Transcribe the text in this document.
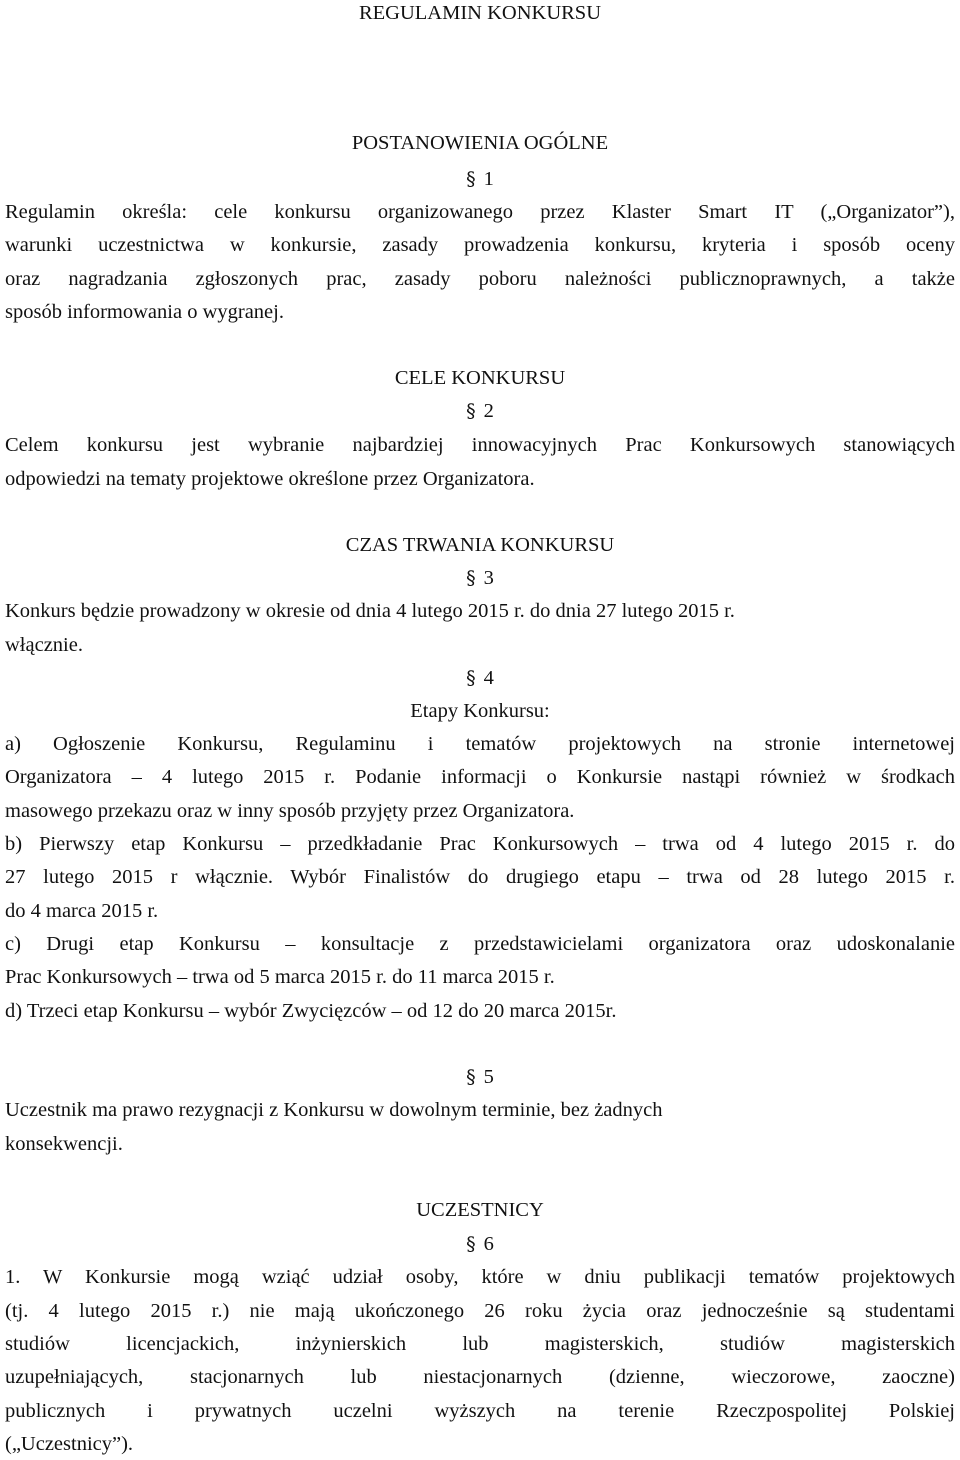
REGULAMIN KONKURSU
POSTANOWIENIA OGÓLNE
§ 1
Regulamin określa: cele konkursu organizowanego przez Klaster Smart IT („Organizator”),
warunki uczestnictwa w konkursie, zasady prowadzenia konkursu, kryteria i sposób oceny
oraz nagradzania zgłoszonych prac, zasady poboru należności publicznoprawnych, a także
sposób informowania o wygranej.
CELE KONKURSU
§ 2
Celem konkursu jest wybranie najbardziej innowacyjnych Prac Konkursowych stanowiących
odpowiedzi na tematy projektowe określone przez Organizatora.
CZAS TRWANIA KONKURSU
§ 3
Konkurs będzie prowadzony w okresie od dnia 4 lutego 2015 r. do dnia 27 lutego 2015 r.
włącznie.
§ 4
Etapy Konkursu:
a) Ogłoszenie Konkursu, Regulaminu i tematów projektowych na stronie internetowej
Organizatora – 4 lutego 2015 r. Podanie informacji o Konkursie nastąpi również w środkach
masowego przekazu oraz w inny sposób przyjęty przez Organizatora.
b) Pierwszy etap Konkursu – przedkładanie Prac Konkursowych – trwa od 4 lutego 2015 r. do
27 lutego 2015 r włącznie. Wybór Finalistów do drugiego etapu – trwa od 28 lutego 2015 r.
do 4 marca 2015 r.
c) Drugi etap Konkursu – konsultacje z przedstawicielami organizatora oraz udoskonalanie
Prac Konkursowych – trwa od 5 marca 2015 r. do 11 marca 2015 r.
d) Trzeci etap Konkursu – wybór Zwycięzców – od 12 do 20 marca 2015r.
§ 5
Uczestnik ma prawo rezygnacji z Konkursu w dowolnym terminie, bez żadnych
konsekwencji.
UCZESTNICY
§ 6
1. W Konkursie mogą wziąć udział osoby, które w dniu publikacji tematów projektowych
(tj. 4 lutego 2015 r.) nie mają ukończonego 26 roku życia oraz jednocześnie są studentami
studiów licencjackich, inżynierskich lub magisterskich, studiów magisterskich
uzupełniających, stacjonarnych lub niestacjonarnych (dzienne, wieczorowe, zaoczne)
publicznych i prywatnych uczelni wyższych na terenie Rzeczpospolitej Polskiej
(„Uczestnicy”).
